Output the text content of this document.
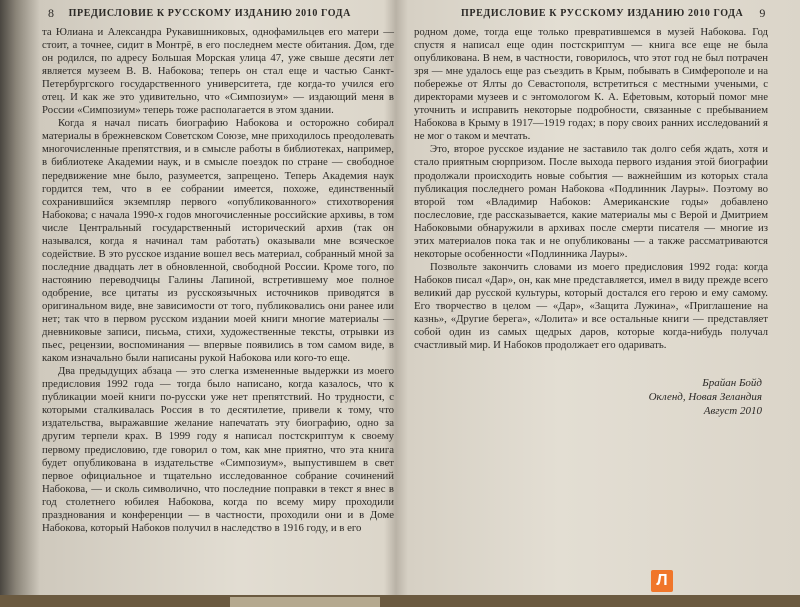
8 ПРЕДИСЛОВИЕ К РУССКОМУ ИЗДАНИЮ 2010 ГОДА

та Юлиана и Александра Рукавишниковых, однофамильцев его матери — стоит, а точнее, сидит в Монтрё, в его последнем месте обитания. Дом, где он родился, по адресу Большая Морская улица 47, уже свыше десяти лет является музеем В. В. Набокова; теперь он стал еще и частью Санкт-Петербургского государственного университета, где когда-то учился его отец. И как же это удивительно, что «Симпозиум» — издающий меня в России «Симпозиум» теперь тоже располагается в этом здании.

Когда я начал писать биографию Набокова и осторожно собирал материалы в брежневском Советском Союзе, мне приходилось преодолевать многочисленные препятствия, и в смысле работы в библиотеках, например, в библиотеке Академии наук, и в смысле поездок по стране — свободное передвижение мне было, разумеется, запрещено. Теперь Академия наук гордится тем, что в ее собрании имеется, похоже, единственный сохранившийся экземпляр первого «опубликованного» стихотворения Набокова; с начала 1990-х годов многочисленные российские архивы, в том числе Центральный государственный исторический архив (так он назывался, когда я начинал там работать) оказывали мне всяческое содействие. В это русское издание вошел весь материал, собранный мной за последние двадцать лет в обновленной, свободной России. Кроме того, по настоянию переводчицы Галины Лапиной, встретившему мое полное одобрение, все цитаты из русскоязычных источников приводятся в оригинальном виде, вне зависимости от того, публиковались они ранее или нет; так что в первом русском издании моей книги многие материалы — дневниковые записи, письма, стихи, художественные тексты, отрывки из пьес, рецензии, воспоминания — впервые появились в том самом виде, в каком изначально были написаны рукой Набокова или кого-то еще.

Два предыдущих абзаца — это слегка измененные выдержки из моего предисловия 1992 года — тогда было написано, когда казалось, что к публикации моей книги по-русски уже нет препятствий. Но трудности, с которыми сталкивалась Россия в то десятилетие, привели к тому, что издательства, выражавшие желание напечатать эту биографию, одно за другим терпели крах. В 1999 году я написал постскриптум к своему первому предисловию, где говорил о том, как мне приятно, что эта книга будет опубликована в издательстве «Симпозиум», выпустившем в свет первое официальное и тщательно исследованное собрание сочинений Набокова, — и сколь символично, что последние поправки в текст я внес в год столетнего юбилея Набокова, когда по всему миру проходили празднования и конференции — в частности, проходили они и в Доме Набокова, который Набоков получил в наследство в 1916 году, и в его

ПРЕДИСЛОВИЕ К РУССКОМУ ИЗДАНИЮ 2010 ГОДА 9

родном доме, тогда еще только превратившемся в музей Набокова. Год спустя я написал еще один постскриптум — книга все еще не была опубликована. В нем, в частности, говорилось, что этот год не был потрачен зря — мне удалось еще раз съездить в Крым, побывать в Симферополе и на побережье от Ялты до Севастополя, встретиться с местными учеными, с директорами музеев и с энтомологом К. А. Ефетовым, который помог мне уточнить и исправить некоторые подробности, связанные с пребыванием Набокова в Крыму в 1917—1919 годах; в пору своих ранних исследований я не мог о таком и мечтать.

Это, второе русское издание не заставило так долго себя ждать, хотя и стало приятным сюрпризом. После выхода первого издания этой биографии продолжали происходить новые события — важнейшим из которых стала публикация последнего роман Набокова «Подлинник Лауры». Поэтому во второй том «Владимир Набоков: Американские годы» добавлено послесловие, где рассказывается, какие материалы мы с Верой и Дмитрием Набоковыми обнаружили в архивах после смерти писателя — многие из этих материалов пока так и не опубликованы — а также рассматриваются некоторые особенности «Подлинника Лауры».

Позвольте закончить словами из моего предисловия 1992 года: когда Набоков писал «Дар», он, как мне представляется, имел в виду прежде всего великий дар русской культуры, который достался его герою и ему самому. Его творчество в целом — «Дар», «Защита Лужина», «Приглашение на казнь», «Другие берега», «Лолита» и все остальные книги — представляет собой один из самых щедрых даров, которые когда-нибудь получал счастливый мир. И Набоков продолжает его одаривать.

Брайан Бойд
Окленд, Новая Зеландия
Август 2010
Л
